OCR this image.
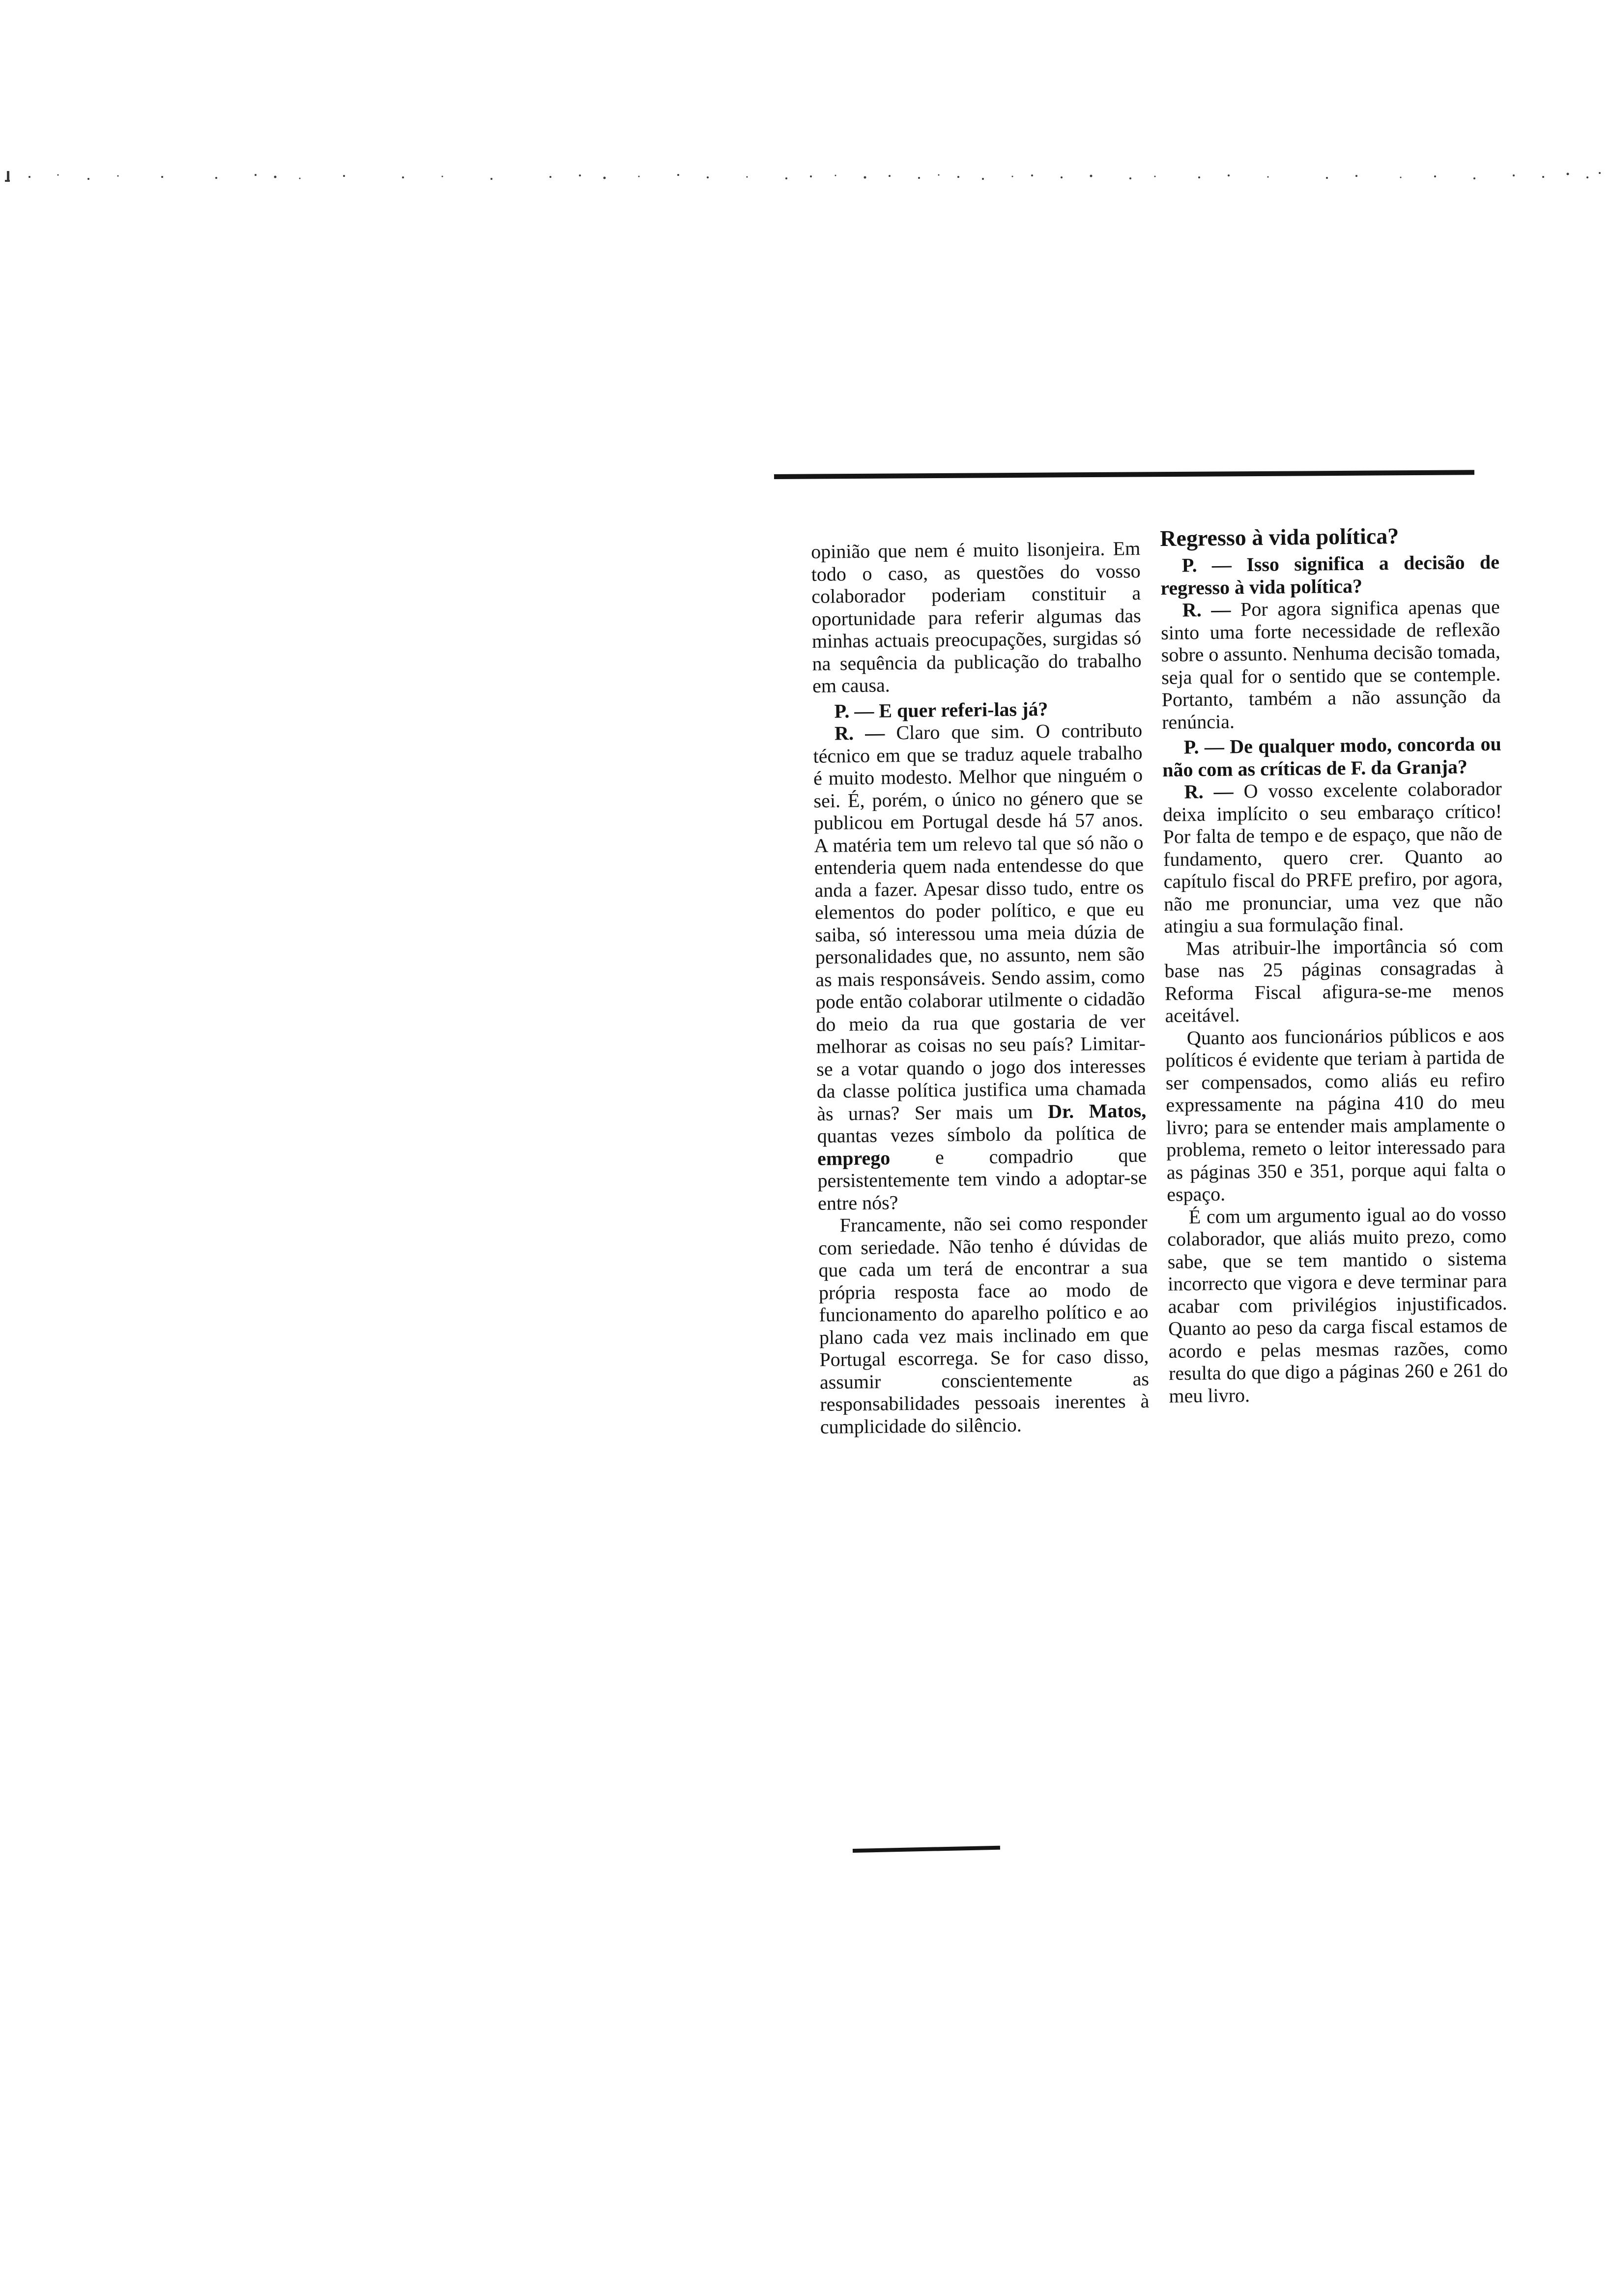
opinião que nem é muito lisonjeira. Em todo o caso, as questões do vosso colaborador poderiam constituir a oportunidade para referir algumas das minhas actuais preocupações, surgidas só na sequência da publicação do trabalho em causa.

P. — E quer referi-las já?

R. — Claro que sim. O contributo técnico em que se traduz aquele trabalho é muito modesto. Melhor que ninguém o sei. É, porém, o único no género que se publicou em Portugal desde há 57 anos. A matéria tem um relevo tal que só não o entenderia quem nada entendesse do que anda a fazer. Apesar disso tudo, entre os elementos do poder político, e que eu saiba, só interessou uma meia dúzia de personalidades que, no assunto, nem são as mais responsáveis. Sendo assim, como pode então colaborar utilmente o cidadão do meio da rua que gostaria de ver melhorar as coisas no seu país? Limitar-se a votar quando o jogo dos interesses da classe política justifica uma chamada às urnas? Ser mais um Dr. Matos, quantas vezes símbolo da política de emprego e compadrio que persistentemente tem vindo a adoptar-se entre nós?

Francamente, não sei como responder com seriedade. Não tenho é dúvidas de que cada um terá de encontrar a sua própria resposta face ao modo de funcionamento do aparelho político e ao plano cada vez mais inclinado em que Portugal escorrega. Se for caso disso, assumir conscientemente as responsabilidades pessoais inerentes à cumplicidade do silêncio.

Regresso à vida política?

P. — Isso significa a decisão de regresso à vida política?

R. — Por agora significa apenas que sinto uma forte necessidade de reflexão sobre o assunto. Nenhuma decisão tomada, seja qual for o sentido que se contemple. Portanto, também a não assunção da renúncia.

P. — De qualquer modo, concorda ou não com as críticas de F. da Granja?

R. — O vosso excelente colaborador deixa implícito o seu embaraço crítico! Por falta de tempo e de espaço, que não de fundamento, quero crer. Quanto ao capítulo fiscal do PRFE prefiro, por agora, não me pronunciar, uma vez que não atingiu a sua formulação final.

Mas atribuir-lhe importância só com base nas 25 páginas consagradas à Reforma Fiscal afigura-se-me menos aceitável.

Quanto aos funcionários públicos e aos políticos é evidente que teriam à partida de ser compensados, como aliás eu refiro expressamente na página 410 do meu livro; para se entender mais amplamente o problema, remeto o leitor interessado para as páginas 350 e 351, porque aqui falta o espaço.

É com um argumento igual ao do vosso colaborador, que aliás muito prezo, como sabe, que se tem mantido o sistema incorrecto que vigora e deve terminar para acabar com privilégios injustificados. Quanto ao peso da carga fiscal estamos de acordo e pelas mesmas razões, como resulta do que digo a páginas 260 e 261 do meu livro.
